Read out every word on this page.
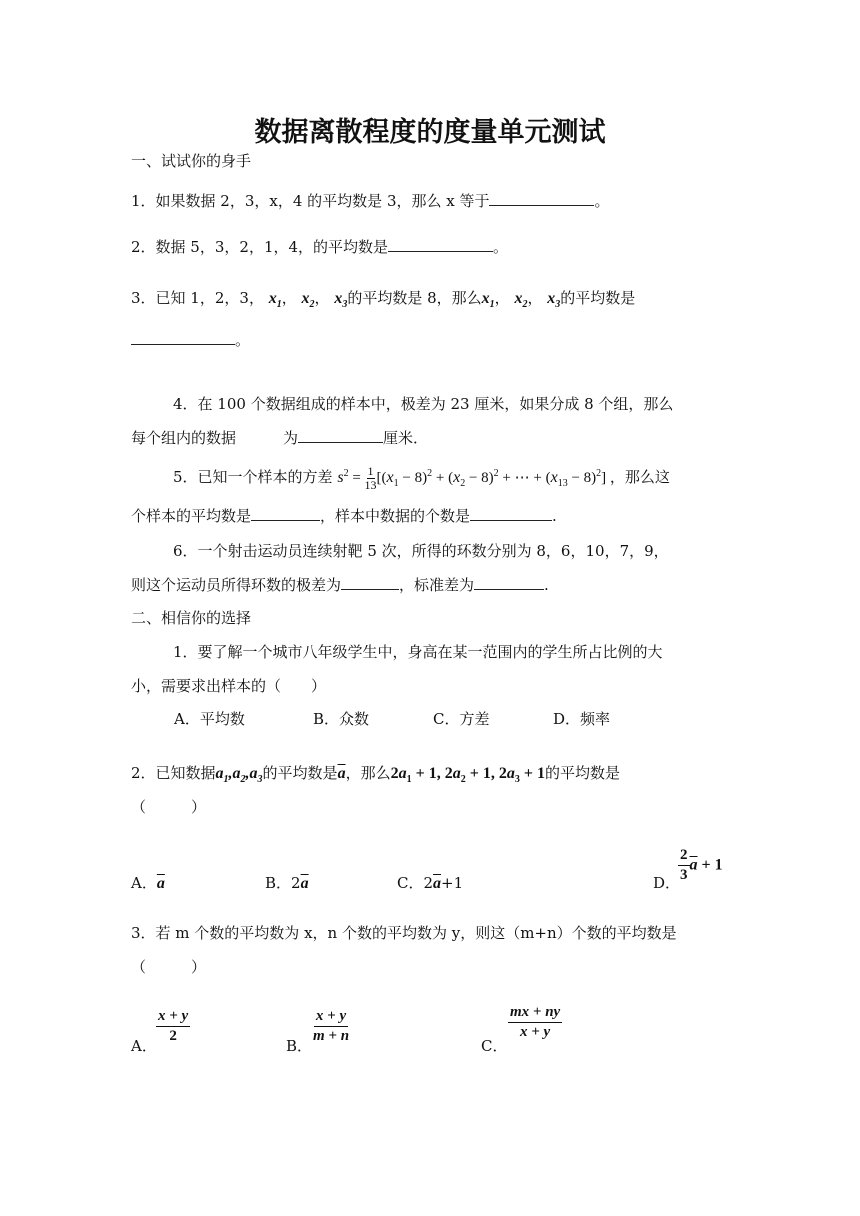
数据离散程度的度量单元测试
一、试试你的身手
1．如果数据 2，3，x，4 的平均数是 3，那么 x 等于	。
2．数据 5，3，2，1，4，的平均数是	。
3．已知 1，2，3， $x_1$， $x_2$， $x_3$的平均数是 8，那么$x_1$， $x_2$， $x_3$的平均数是
。
4．在 100 个数据组成的样本中，极差为 23 厘米，如果分成 8 个组，那么
每个组内的数据	为	厘米．
5．已知一个样本的方差 $s^2 = \frac{1}{13} [(x_1 - 8)^2 + (x_2 - 8)^2$ + ⋯ + $(x_{13} - 8)^2$] ，那么这
个样本的平均数是	，样本中数据的个数是	.
6．一个射击运动员连续射靶 5 次，所得的环数分别为 8，6，10，7，9，
则这个运动员所得环数的极差为	，标准差为	.
二、相信你的选择
1．要了解一个城市八年级学生中，身高在某一范围内的学生所占比例的大
小，需要求出样本的（　　）
A．平均数	B．众数	C．方差	D．频率
2．已知数据$a_1,a_2,a_3$的平均数是$\overline{a}$，那么$2a_1 + 1$, $2a_2 + 1$, $2a_3 + 1$的平均数是
（　　　）
A．$\overline{a}$	B．$2\overline{a}$	C．$2\overline{a}+1$	D．
$\frac{2}{3} \overline{a} + 1$
3．若 m 个数的平均数为 x，n 个数的平均数为 y，则这（m+n）个数的平均数是
（　　　）
A．
$\frac{x + y}{2}$
B．
$\frac{x + y}{m + n}$
C．
$\frac{mx + ny}{x + y}$
